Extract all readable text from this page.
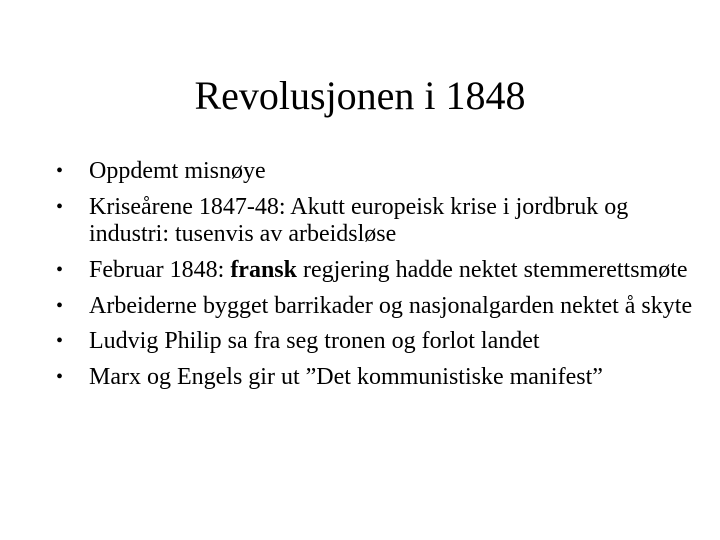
Revolusjonen i 1848
•	Oppdemt misnøye
•	Kriseårene 1847-48: Akutt europeisk krise i jordbruk og industri: tusenvis av arbeidsløse
•	Februar 1848: fransk regjering hadde nektet stemmerettsmøte
•	Arbeiderne bygget barrikader og nasjonalgarden nektet å skyte
•	Ludvig Philip sa fra seg tronen og forlot landet
•	Marx og Engels gir ut ”Det kommunistiske manifest”
